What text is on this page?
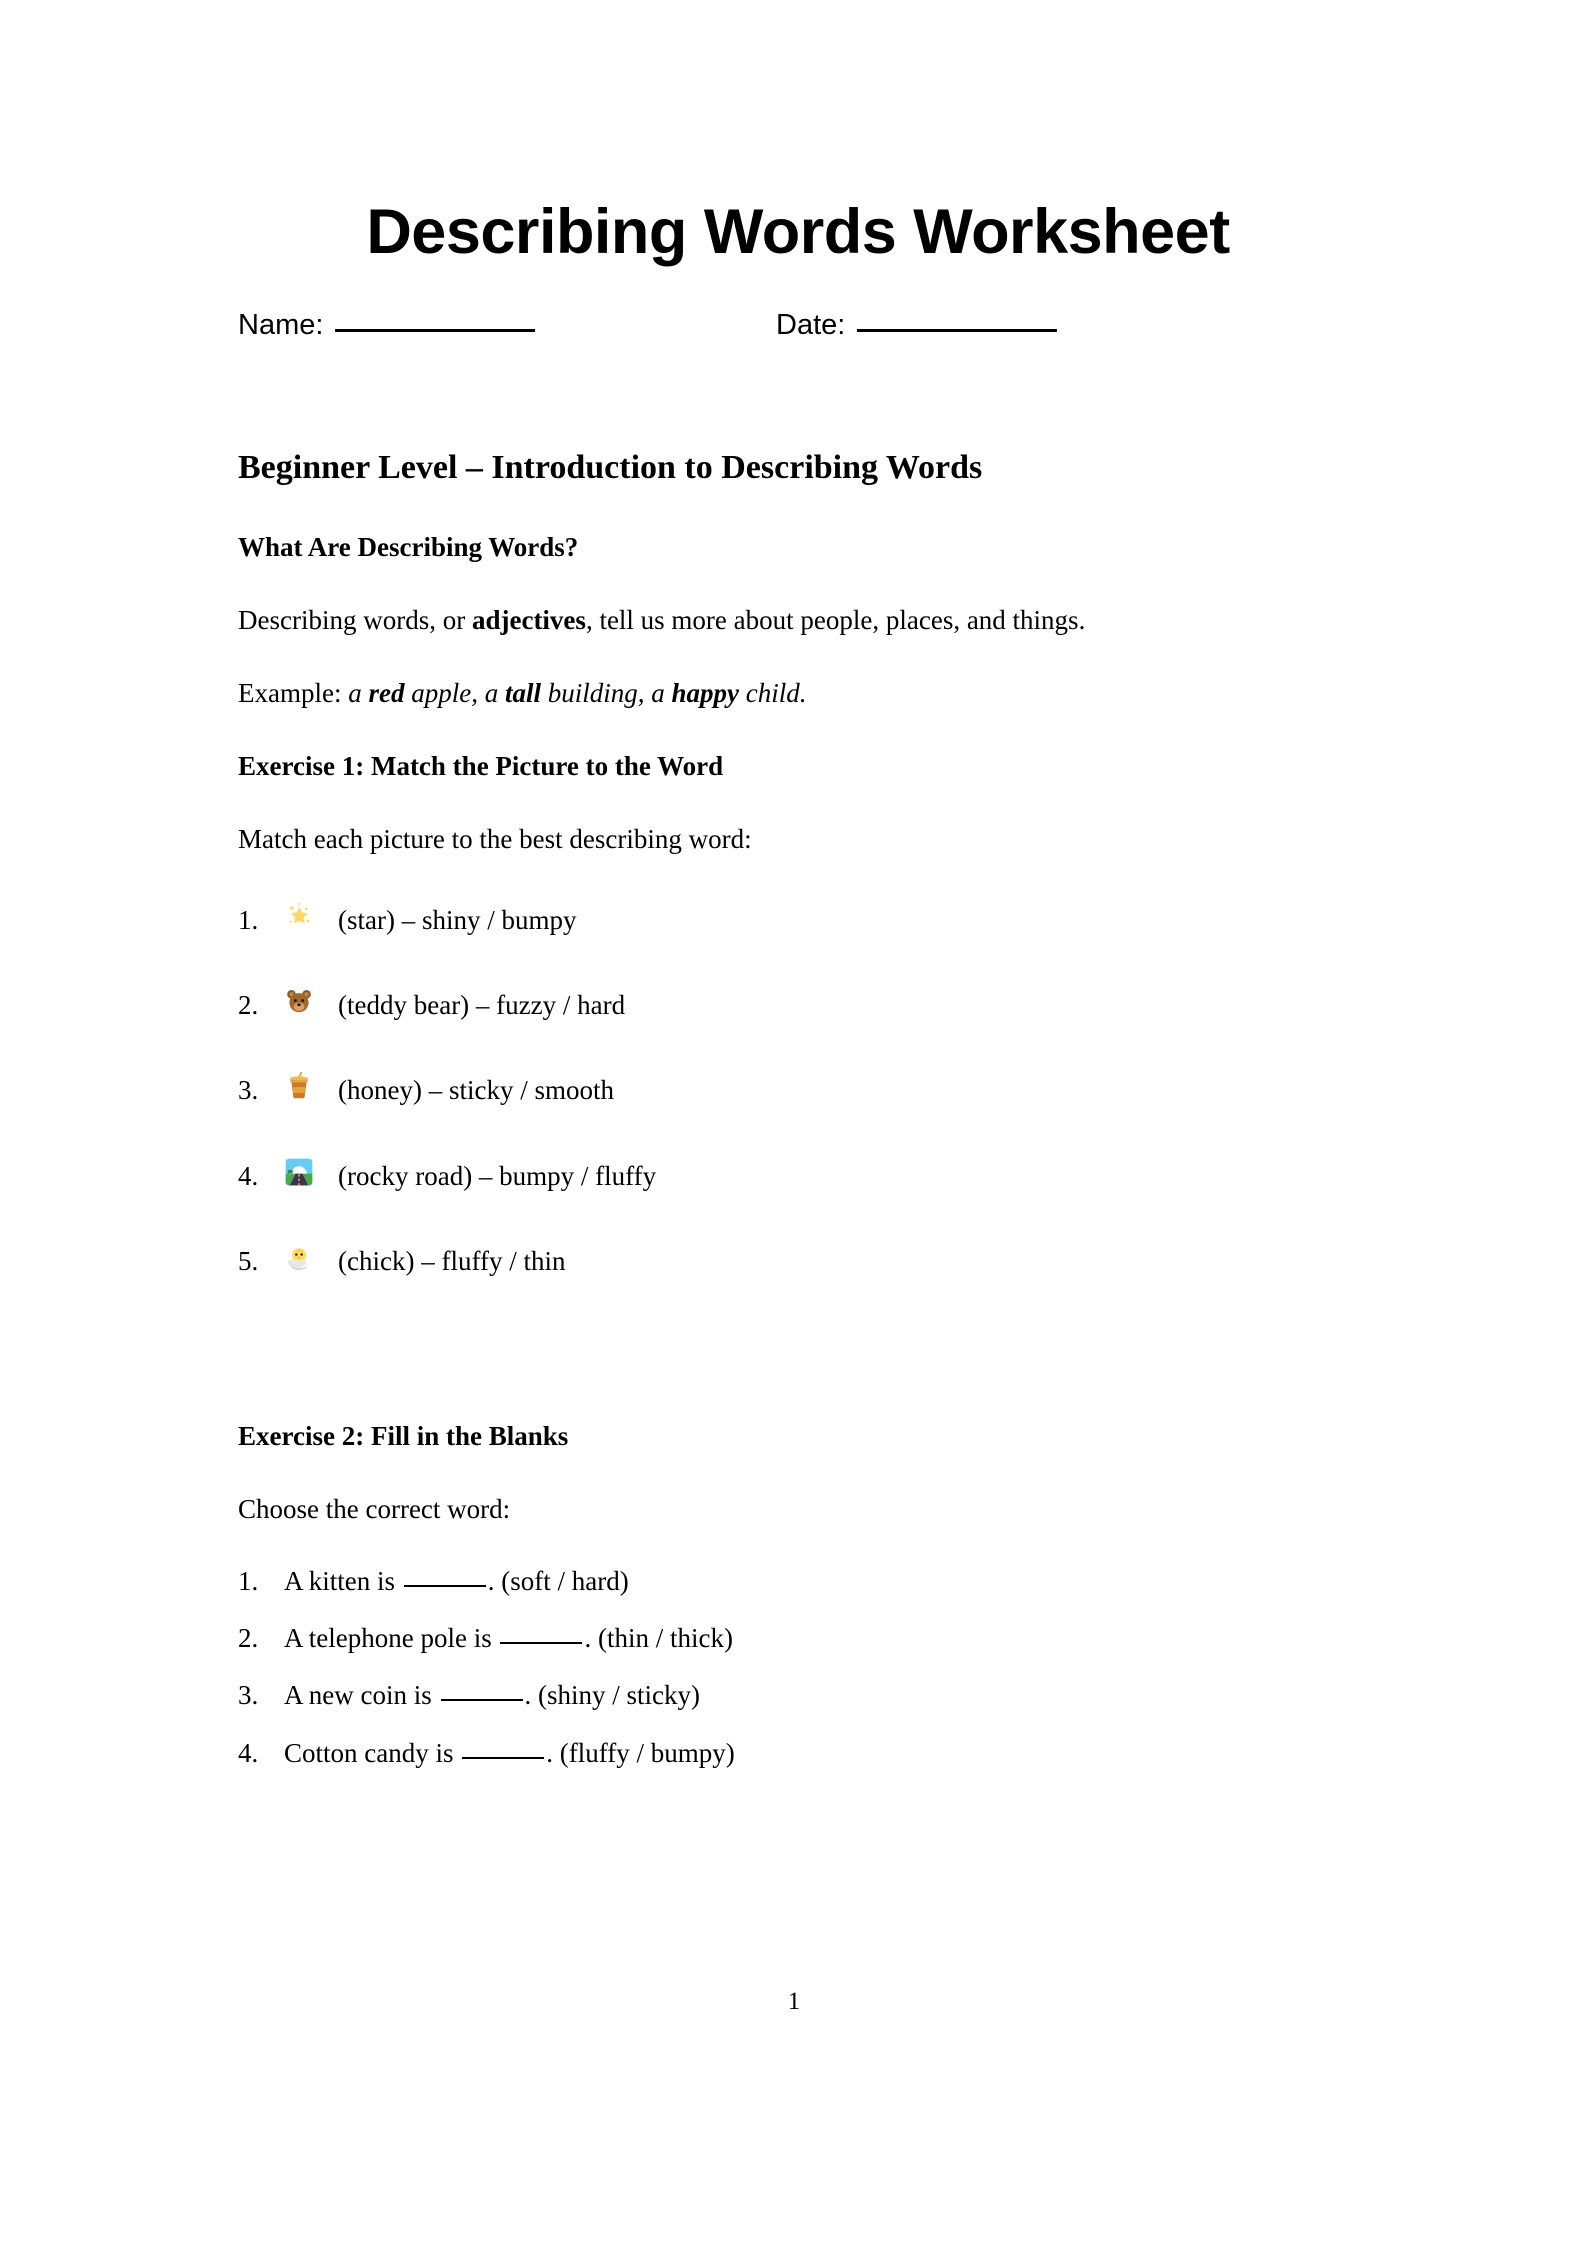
Describing Words Worksheet
Name:	Date:
Beginner Level – Introduction to Describing Words
What Are Describing Words?

Describing words, or adjectives, tell us more about people, places, and things.

Example: a red apple, a tall building, a happy child.

Exercise 1: Match the Picture to the Word

Match each picture to the best describing word:

1.	(star) – shiny / bumpy
2.	(teddy bear) – fuzzy / hard
3.	(honey) – sticky / smooth
4.	(rocky road) – bumpy / fluffy
5.	(chick) – fluffy / thin
Exercise 2: Fill in the Blanks

Choose the correct word:

1. A kitten is	. (soft / hard)
2. A telephone pole is	. (thin / thick)
3. A new coin is	. (shiny / sticky)
4. Cotton candy is	. (fluffy / bumpy)
1
